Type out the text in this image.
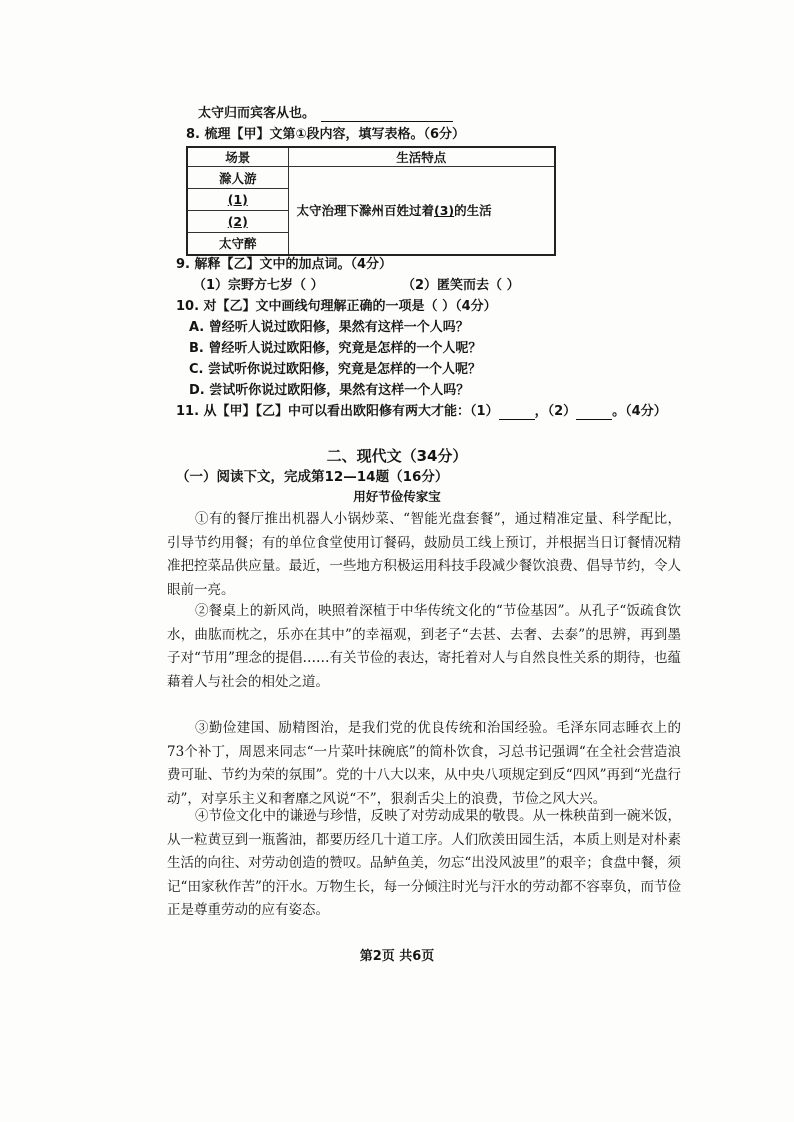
太守归而宾客从也。
8. 梳理【甲】文第①段内容，填写表格。（6分）
场景	生活特点
滁人游	太守治理下滁州百姓过着(3)的生活
(1)	
(2)	
太守醉	
9. 解释【乙】文中的加点词。（4分）
（1）宗野方七岁（ ）	（2）匿笑而去（ ）
10. 对【乙】文中画线句理解正确的一项是（ ）（4分）
A. 曾经听人说过欧阳修，果然有这样一个人吗？
B. 曾经听人说过欧阳修，究竟是怎样的一个人呢？
C. 尝试听你说过欧阳修，究竟是怎样的一个人呢？
D. 尝试听你说过欧阳修，果然有这样一个人吗？
11. 从【甲】【乙】中可以看出欧阳修有两大才能：（1）	，（2）	。（4分）
二、现代文（34分）
（一）阅读下文，完成第12—14题（16分）
用好节俭传家宝
①有的餐厅推出机器人小锅炒菜、“智能光盘套餐”，通过精准定量、科学配比，引导节约用餐；有的单位食堂使用订餐码，鼓励员工线上预订，并根据当日订餐情况精准把控菜品供应量。最近，一些地方积极运用科技手段减少餐饮浪费、倡导节约，令人眼前一亮。
②餐桌上的新风尚，映照着深植于中华传统文化的“节俭基因”。从孔子“饭疏食饮水，曲肱而枕之，乐亦在其中”的幸福观，到老子“去甚、去奢、去泰”的思辨，再到墨子对“节用”理念的提倡……有关节俭的表达，寄托着对人与自然良性关系的期待，也蕴藉着人与社会的相处之道。
③勤俭建国、励精图治，是我们党的优良传统和治国经验。毛泽东同志睡衣上的73个补丁，周恩来同志“一片菜叶抹碗底”的简朴饮食，习总书记强调“在全社会营造浪费可耻、节约为荣的氛围”。党的十八大以来，从中央八项规定到反“四风”再到“光盘行动”，对享乐主义和奢靡之风说“不”，狠刹舌尖上的浪费，节俭之风大兴。
④节俭文化中的谦逊与珍惜，反映了对劳动成果的敬畏。从一株秧苗到一碗米饭，从一粒黄豆到一瓶酱油，都要历经几十道工序。人们欣羡田园生活，本质上则是对朴素生活的向往、对劳动创造的赞叹。品鲈鱼美，勿忘“出没风波里”的艰辛；食盘中餐，须记“田家秋作苦”的汗水。万物生长，每一分倾注时光与汗水的劳动都不容辜负，而节俭正是尊重劳动的应有姿态。
第2页 共6页
